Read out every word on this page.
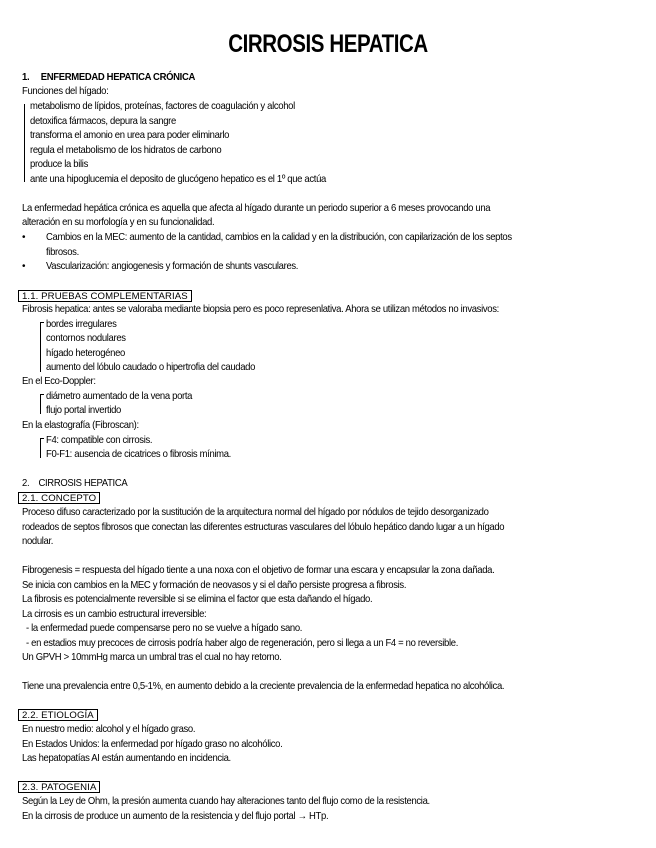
CIRROSIS HEPATICA
1.     ENFERMEDAD HEPATICA CRÓNICA
Funciones del hígado:
metabolismo de lípidos, proteínas, factores de coagulación y alcohol
detoxifica fármacos, depura la sangre
transforma el amonio en urea para poder eliminarlo
regula el metabolismo de los hidratos de carbono
produce la bilis
ante una hipoglucemia el deposito de glucógeno hepatico es el 1º que actúa
La enfermedad hepática crónica es aquella que afecta al hígado durante un periodo superior a 6 meses provocando una
alteración en su morfología y en su funcionalidad.
• Cambios en la MEC: aumento de la cantidad, cambios en la calidad y en la distribución, con capilarización de los septos
fibrosos.
• Vascularización: angiogenesis y formación de shunts vasculares.
1.1. PRUEBAS COMPLEMENTARIAS
Fibrosis hepatica: antes se valoraba mediante biopsia pero es poco represenlativa. Ahora se utilizan métodos no invasivos:
bordes irregulares
contornos nodulares
hígado heterogéneo
aumento del lóbulo caudado o hipertrofia del caudado
En el Eco-Doppler:
diámetro aumentado de la vena porta
flujo portal invertido
En la elastografía (Fibroscan):
F4: compatible con cirrosis.
F0-F1: ausencia de cicatrices o fibrosis mínima.
2.    CIRROSIS HEPATICA
2.1. CONCEPTO
Proceso difuso caracterizado por la sustitución de la arquitectura normal del hígado por nódulos de tejido desorganizado
rodeados de septos fibrosos que conectan las diferentes estructuras vasculares del lóbulo hepático dando lugar a un hígado
nodular.
Fibrogenesis = respuesta del hígado tiente a una noxa con el objetivo de formar una escara y encapsular la zona dañada.
Se inicia con cambios en la MEC y formación de neovasos y si el daño persiste progresa a fibrosis.
La fibrosis es potencialmente reversible si se elimina el factor que esta dañando el hígado.
La cirrosis es un cambio estructural irreversible:
- la enfermedad puede compensarse pero no se vuelve a hígado sano.
- en estadios muy precoces de cirrosis podría haber algo de regeneración, pero si llega a un F4 = no reversible.
Un GPVH > 10mmHg marca un umbral tras el cual no hay retorno.
Tiene una prevalencia entre 0,5-1%, en aumento debido a la creciente prevalencia de la enfermedad hepatica no alcohólica.
2.2. ETIOLOGÍA
En nuestro medio: alcohol y el hígado graso.
En Estados Unidos: la enfermedad por hígado graso no alcohólico.
Las hepatopatías AI están aumentando en incidencia.
2.3. PATOGENIA
Según la Ley de Ohm, la presión aumenta cuando hay alteraciones tanto del flujo como de la resistencia.
En la cirrosis de produce un aumento de la resistencia y del flujo portal → HTp.
